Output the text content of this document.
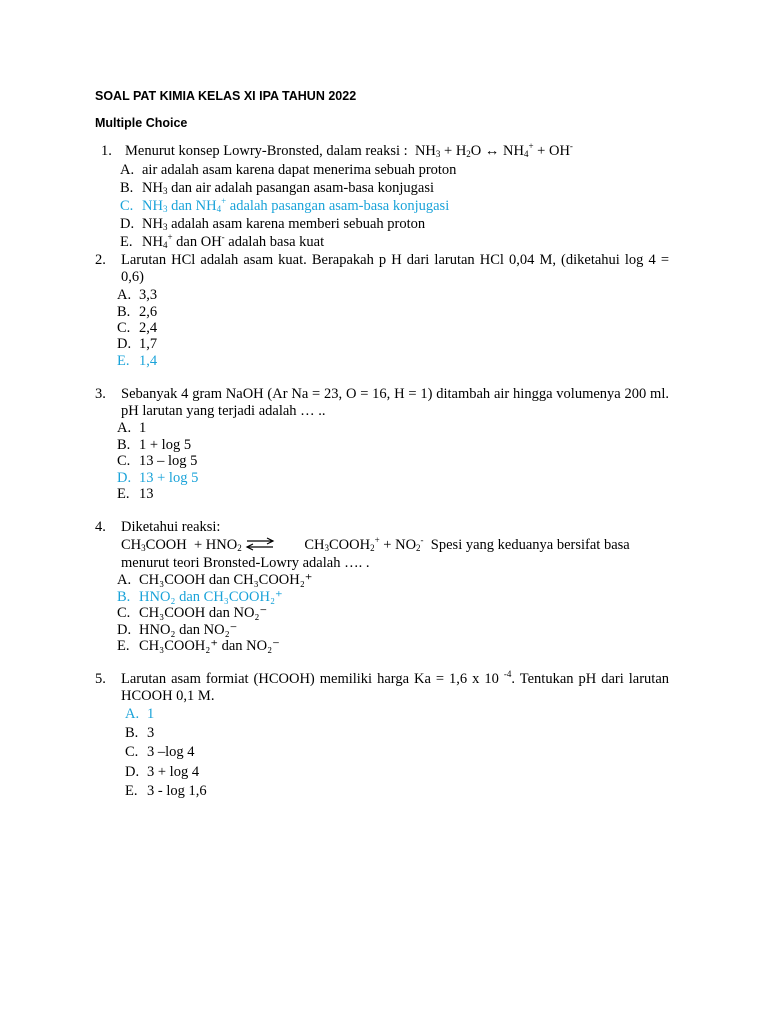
SOAL PAT KIMIA KELAS XI IPA TAHUN 2022
Multiple Choice
1. Menurut konsep Lowry-Bronsted, dalam reaksi :  $NH_3 + H_2O$ ↔ $NH_4^+ + OH^-$
A. air adalah asam karena dapat menerima sebuah proton
B. $NH_3$ dan air adalah pasangan asam-basa konjugasi
C. $NH_3$ dan $NH_4^+$ adalah pasangan asam-basa konjugasi
D. $NH_3$ adalah asam karena memberi sebuah proton
E. $NH_4^+$ dan OH- adalah basa kuat
2. Larutan HCl adalah asam kuat. Berapakah p H dari larutan HCl 0,04 M, (diketahui log 4 = 0,6)
A. 3,3
B. 2,6
C. 2,4
D. 1,7
E. 1,4
3. Sebanyak 4 gram NaOH (Ar Na = 23, O = 16, H = 1) ditambah air hingga volumenya 200 ml. pH larutan yang terjadi adalah … ..
A. 1
B. 1 + log 5
C. 13 – log 5
D. 13 + log 5
E. 13
4. Diketahui reaksi:
$CH_3COOH + HNO_2$ ⇌ $CH_3COOH_2^+ + NO_2^-$ Spesi yang keduanya bersifat basa
menurut teori Bronsted-Lowry adalah …. .
A. CH₃COOH dan CH₃COOH₂⁺
B. HNO₂ dan CH₃COOH₂⁺
C. CH₃COOH dan NO₂⁻
D. HNO₂ dan NO₂⁻
E. CH₃COOH₂⁺ dan NO₂⁻
5. Larutan asam formiat (HCOOH) memiliki harga Ka = 1,6 x 10 $^{-4}$. Tentukan pH dari larutan HCOOH 0,1 M.
A. 1
B. 3
C. 3 –log 4
D. 3 + log 4
E. 3 - log 1,6
